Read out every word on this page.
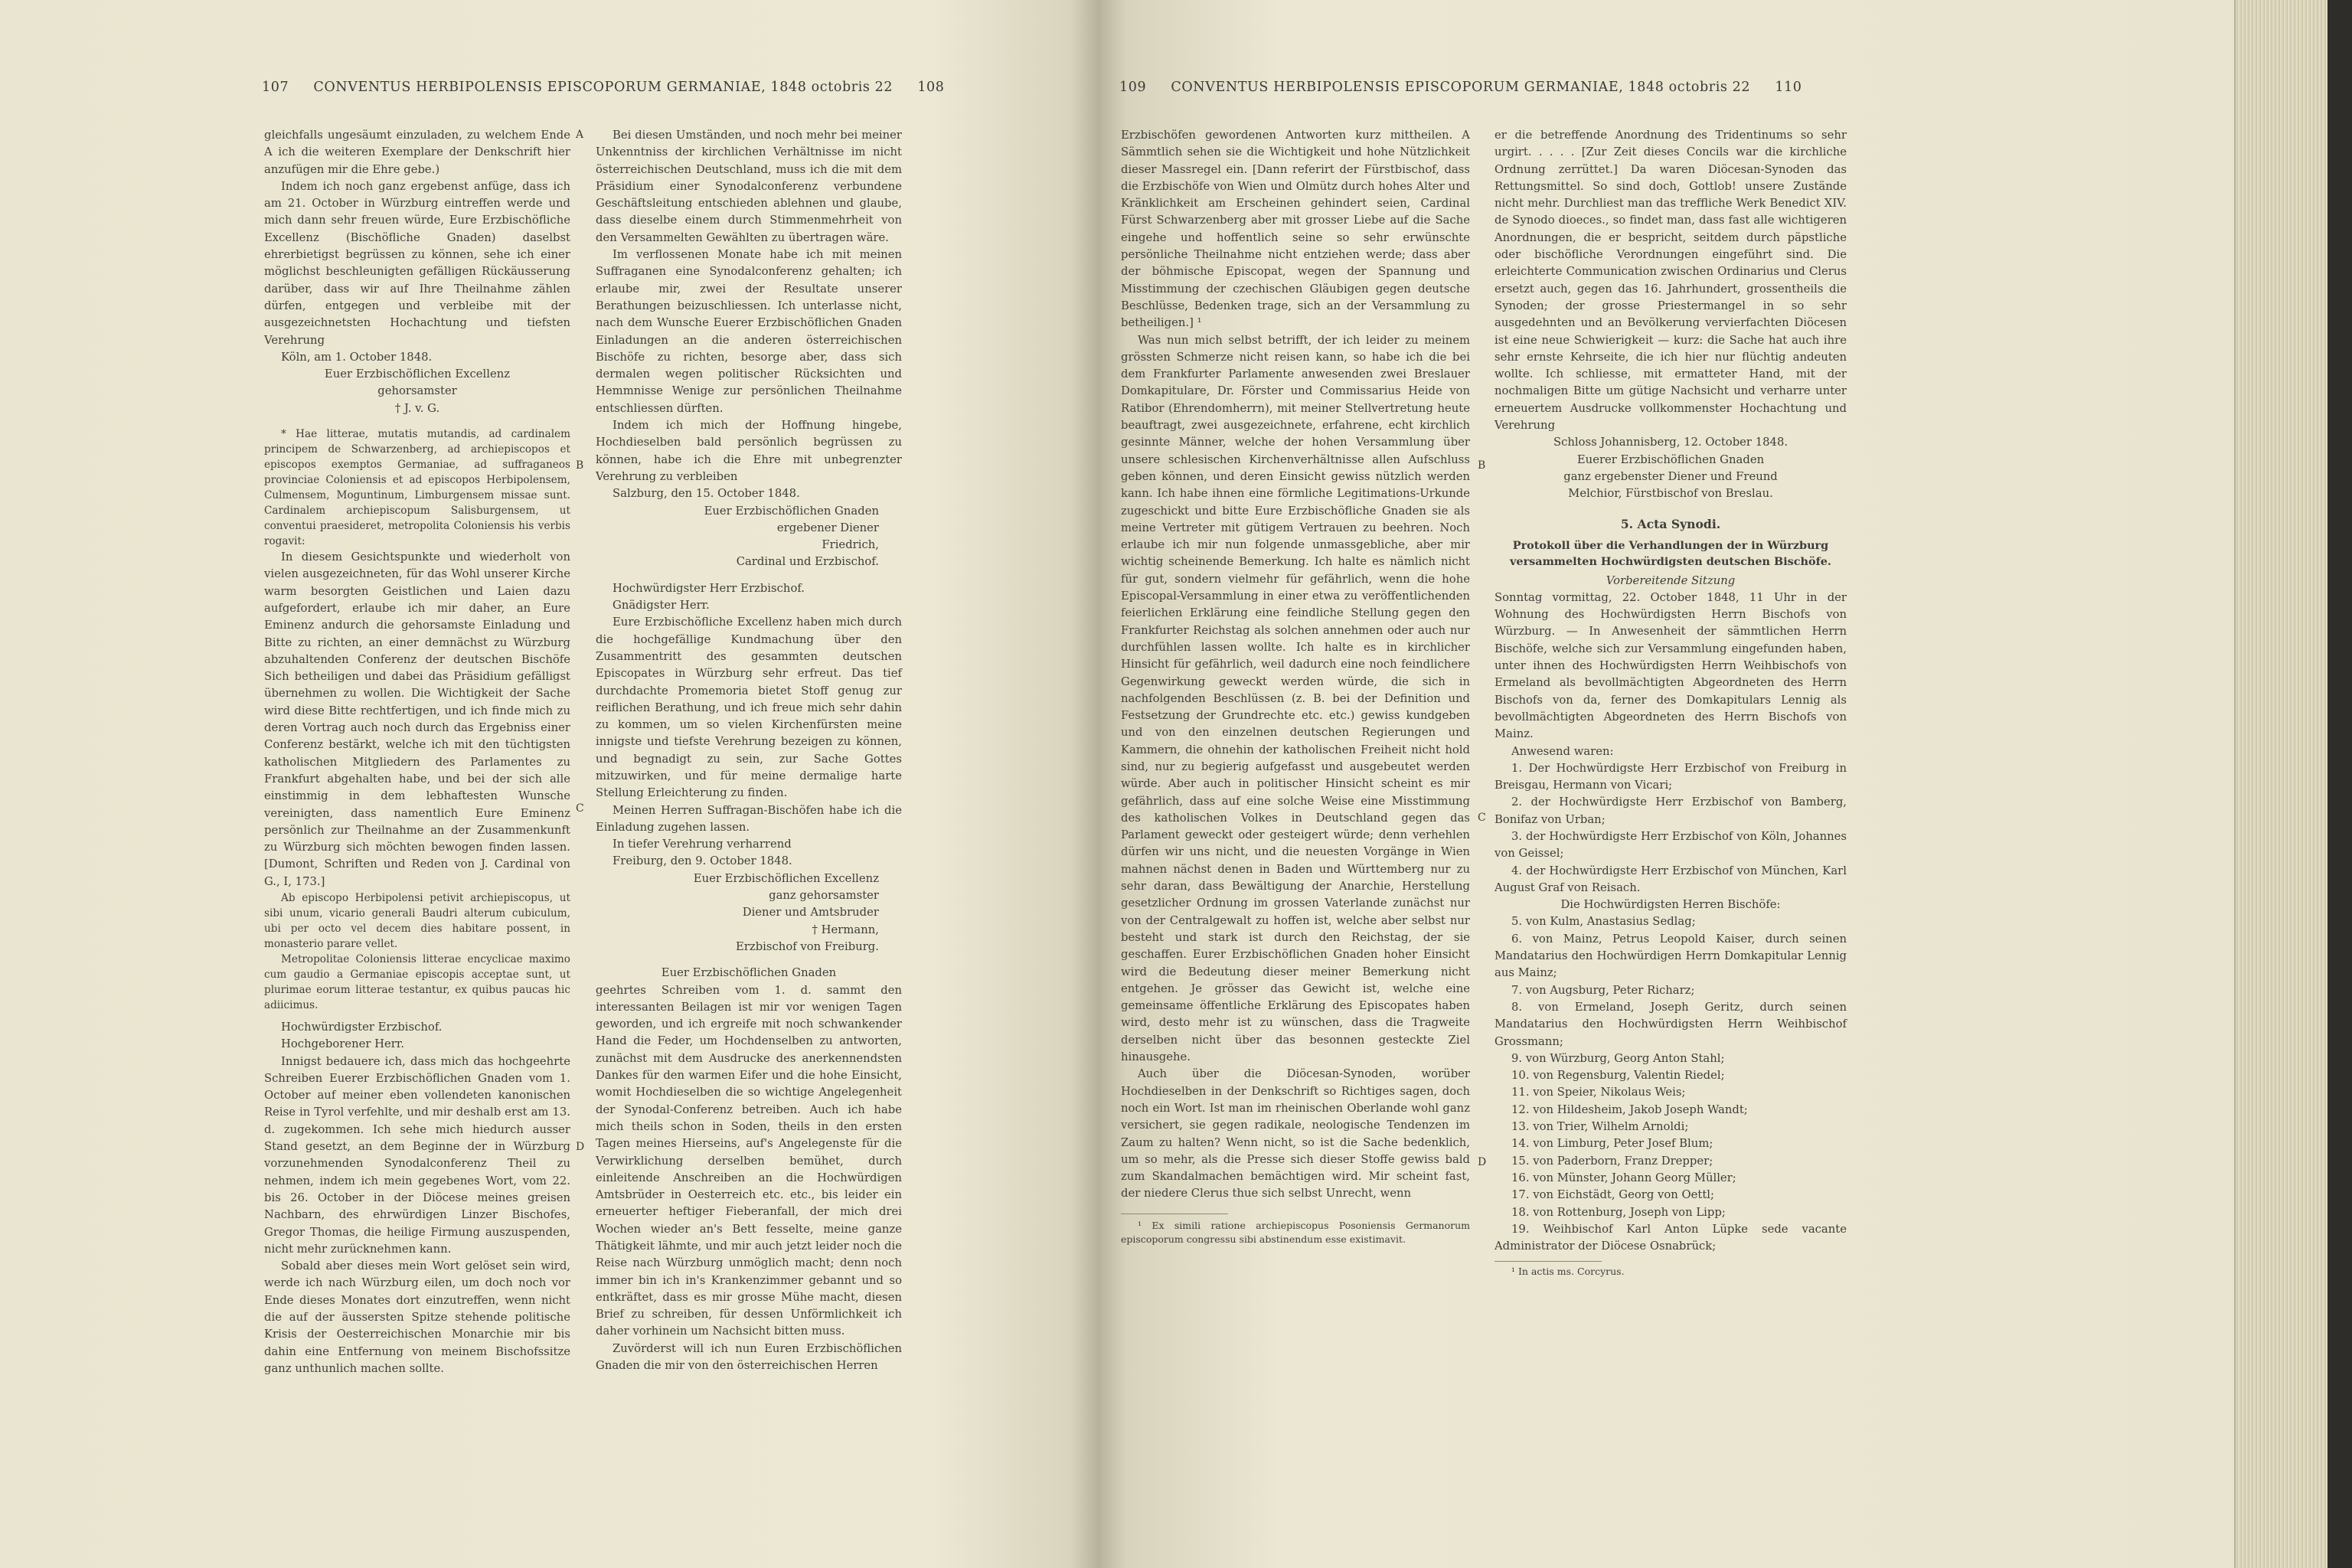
107 CONVENTUS HERBIPOLENSIS EPISCOPORUM GERMANIAE, 1848 octobris 22 108

gleichfalls ungesäumt einzuladen, zu welchem Ende A ich die weiteren Exemplare der Denkschrift hier anzufügen mir die Ehre gebe.)

Indem ich noch ganz ergebenst anfüge, dass ich am 21. October in Würzburg eintreffen werde und mich dann sehr freuen würde, Eure Erzbischöfliche Excellenz (Bischöfliche Gnaden) daselbst ehrerbietigst begrüssen zu können, sehe ich einer möglichst beschleunigten gefälligen Rückäusserung darüber, dass wir auf Ihre Theilnahme zählen dürfen, entgegen und verbleibe mit der ausgezeichnetsten Hochachtung und tiefsten Verehrung

Köln, am 1. October 1848.

Euer Erzbischöflichen Excellenz

gehorsamster

† J. v. G.

* Hae litterae, mutatis mutandis, ad cardinalem principem de Schwarzenberg, ad archiepiscopos et episcopos exemptos Germaniae, ad suffraganeos provinciae Coloniensis et ad episcopos Herbipolensem, Culmensem, Moguntinum, Limburgensem missae sunt. Cardinalem archiepiscopum Salisburgensem, ut conventui praesideret, metropolita Coloniensis his verbis rogavit:

In diesem Gesichtspunkte und wiederholt von vielen ausgezeichneten, für das Wohl unserer Kirche warm besorgten Geistlichen und Laien dazu aufgefordert, erlaube ich mir daher, an Eure Eminenz andurch die gehorsamste Einladung und Bitte zu richten, an einer demnächst zu Würzburg abzuhaltenden Conferenz der deutschen Bischöfe Sich betheiligen und dabei das Präsidium gefälligst übernehmen zu wollen. Die Wichtigkeit der Sache wird diese Bitte rechtfertigen, und ich finde mich zu deren Vortrag auch noch durch das Ergebniss einer Conferenz bestärkt, welche ich mit den tüchtigsten katholischen Mitgliedern des Parlamentes zu Frankfurt abgehalten habe, und bei der sich alle einstimmig in dem lebhaftesten Wunsche vereinigten, dass namentlich Eure Eminenz persönlich zur Theilnahme an der Zusammenkunft zu Würzburg sich möchten bewogen finden lassen. [Dumont, Schriften und Reden von J. Cardinal von G., I, 173.]

Ab episcopo Herbipolensi petivit archiepiscopus, ut sibi unum, vicario generali Baudri alterum cubiculum, ubi per octo vel decem dies habitare possent, in monasterio parare vellet.

Metropolitae Coloniensis litterae encyclicae maximo cum gaudio a Germaniae episcopis acceptae sunt, ut plurimae eorum litterae testantur, ex quibus paucas hic adiicimus.

Hochwürdigster Erzbischof.

Hochgeborener Herr.

Innigst bedauere ich, dass mich das hochgeehrte Schreiben Euerer Erzbischöflichen Gnaden vom 1. October auf meiner eben vollendeten kanonischen Reise in Tyrol verfehlte, und mir deshalb erst am 13. d. zugekommen. Ich sehe mich hiedurch ausser Stand gesetzt, an dem Beginne der in Würzburg vorzunehmenden Synodalconferenz Theil zu nehmen, indem ich mein gegebenes Wort, vom 22. bis 26. October in der Diöcese meines greisen Nachbarn, des ehrwürdigen Linzer Bischofes, Gregor Thomas, die heilige Firmung auszuspenden, nicht mehr zurücknehmen kann.

Sobald aber dieses mein Wort gelöset sein wird, werde ich nach Würzburg eilen, um doch noch vor Ende dieses Monates dort einzutreffen, wenn nicht die auf der äussersten Spitze stehende politische Krisis der Oesterreichischen Monarchie mir bis dahin eine Entfernung von meinem Bischofssitze ganz unthunlich machen sollte.

A
B
C
D

Bei diesen Umständen, und noch mehr bei meiner Unkenntniss der kirchlichen Verhältnisse im nicht österreichischen Deutschland, muss ich die mit dem Präsidium einer Synodalconferenz verbundene Geschäftsleitung entschieden ablehnen und glaube, dass dieselbe einem durch Stimmenmehrheit von den Versammelten Gewählten zu übertragen wäre.

Im verflossenen Monate habe ich mit meinen Suffraganen eine Synodalconferenz gehalten; ich erlaube mir, zwei der Resultate unserer Berathungen beizuschliessen. Ich unterlasse nicht, nach dem Wunsche Euerer Erzbischöflichen Gnaden Einladungen an die anderen österreichischen Bischöfe zu richten, besorge aber, dass sich dermalen wegen politischer Rücksichten und Hemmnisse Wenige zur persönlichen Theilnahme entschliessen dürften.

Indem ich mich der Hoffnung hingebe, Hochdieselben bald persönlich begrüssen zu können, habe ich die Ehre mit unbegrenzter Verehrung zu verbleiben

Salzburg, den 15. October 1848.

Euer Erzbischöflichen Gnaden

ergebener Diener

Friedrich,

Cardinal und Erzbischof.

Hochwürdigster Herr Erzbischof.

Gnädigster Herr.

Eure Erzbischöfliche Excellenz haben mich durch die hochgefällige Kundmachung über den Zusammentritt des gesammten deutschen Episcopates in Würzburg sehr erfreut. Das tief durchdachte Promemoria bietet Stoff genug zur reiflichen Berathung, und ich freue mich sehr dahin zu kommen, um so vielen Kirchenfürsten meine innigste und tiefste Verehrung bezeigen zu können, und begnadigt zu sein, zur Sache Gottes mitzuwirken, und für meine dermalige harte Stellung Erleichterung zu finden.

Meinen Herren Suffragan-Bischöfen habe ich die Einladung zugehen lassen.

In tiefer Verehrung verharrend

Freiburg, den 9. October 1848.

Euer Erzbischöflichen Excellenz

ganz gehorsamster

Diener und Amtsbruder

† Hermann,

Erzbischof von Freiburg.

Euer Erzbischöflichen Gnaden

geehrtes Schreiben vom 1. d. sammt den interessanten Beilagen ist mir vor wenigen Tagen geworden, und ich ergreife mit noch schwankender Hand die Feder, um Hochdenselben zu antworten, zunächst mit dem Ausdrucke des anerkennendsten Dankes für den warmen Eifer und die hohe Einsicht, womit Hochdieselben die so wichtige Angelegenheit der Synodal-Conferenz betreiben. Auch ich habe mich theils schon in Soden, theils in den ersten Tagen meines Hierseins, auf's Angelegenste für die Verwirklichung derselben bemühet, durch einleitende Anschreiben an die Hochwürdigen Amtsbrüder in Oesterreich etc. etc., bis leider ein erneuerter heftiger Fieberanfall, der mich drei Wochen wieder an's Bett fesselte, meine ganze Thätigkeit lähmte, und mir auch jetzt leider noch die Reise nach Würzburg unmöglich macht; denn noch immer bin ich in's Krankenzimmer gebannt und so entkräftet, dass es mir grosse Mühe macht, diesen Brief zu schreiben, für dessen Unförmlichkeit ich daher vorhinein um Nachsicht bitten muss.

Zuvörderst will ich nun Euren Erzbischöflichen Gnaden die mir von den österreichischen Herren

109 CONVENTUS HERBIPOLENSIS EPISCOPORUM GERMANIAE, 1848 octobris 22 110

Erzbischöfen gewordenen Antworten kurz mittheilen. A Sämmtlich sehen sie die Wichtigkeit und hohe Nützlichkeit dieser Massregel ein. [Dann referirt der Fürstbischof, dass die Erzbischöfe von Wien und Olmütz durch hohes Alter und Kränklichkeit am Erscheinen gehindert seien, Cardinal Fürst Schwarzenberg aber mit grosser Liebe auf die Sache eingehe und hoffentlich seine so sehr erwünschte persönliche Theilnahme nicht entziehen werde; dass aber der böhmische Episcopat, wegen der Spannung und Misstimmung der czechischen Gläubigen gegen deutsche Beschlüsse, Bedenken trage, sich an der Versammlung zu betheiligen.] ¹

Was nun mich selbst betrifft, der ich leider zu meinem grössten Schmerze nicht reisen kann, so habe ich die bei dem Frankfurter Parlamente anwesenden zwei Breslauer Domkapitulare, Dr. Förster und Commissarius Heide von Ratibor (Ehrendomherrn), mit meiner Stellvertretung heute beauftragt, zwei ausgezeichnete, erfahrene, echt kirchlich gesinnte Männer, welche der hohen Versammlung über unsere schlesischen Kirchenverhältnisse allen Aufschluss geben können, und deren Einsicht gewiss nützlich werden kann. Ich habe ihnen eine förmliche Legitimations-Urkunde zugeschickt und bitte Eure Erzbischöfliche Gnaden sie als meine Vertreter mit gütigem Vertrauen zu beehren. Noch erlaube ich mir nun folgende unmassgebliche, aber mir wichtig scheinende Bemerkung. Ich halte es nämlich nicht für gut, sondern vielmehr für gefährlich, wenn die hohe Episcopal-Versammlung in einer etwa zu veröffentlichenden feierlichen Erklärung eine feindliche Stellung gegen den Frankfurter Reichstag als solchen annehmen oder auch nur durchfühlen lassen wollte. Ich halte es in kirchlicher Hinsicht für gefährlich, weil dadurch eine noch feindlichere Gegenwirkung geweckt werden würde, die sich in nachfolgenden Beschlüssen (z. B. bei der Definition und Festsetzung der Grundrechte etc. etc.) gewiss kundgeben und von den einzelnen deutschen Regierungen und Kammern, die ohnehin der katholischen Freiheit nicht hold sind, nur zu begierig aufgefasst und ausgebeutet werden würde. Aber auch in politischer Hinsicht scheint es mir gefährlich, dass auf eine solche Weise eine Misstimmung des katholischen Volkes in Deutschland gegen das Parlament geweckt oder gesteigert würde; denn verhehlen dürfen wir uns nicht, und die neuesten Vorgänge in Wien mahnen nächst denen in Baden und Württemberg nur zu sehr daran, dass Bewältigung der Anarchie, Herstellung gesetzlicher Ordnung im grossen Vaterlande zunächst nur von der Centralgewalt zu hoffen ist, welche aber selbst nur besteht und stark ist durch den Reichstag, der sie geschaffen. Eurer Erzbischöflichen Gnaden hoher Einsicht wird die Bedeutung dieser meiner Bemerkung nicht entgehen. Je grösser das Gewicht ist, welche eine gemeinsame öffentliche Erklärung des Episcopates haben wird, desto mehr ist zu wünschen, dass die Tragweite derselben nicht über das besonnen gesteckte Ziel hinausgehe.

Auch über die Diöcesan-Synoden, worüber Hochdieselben in der Denkschrift so Richtiges sagen, doch noch ein Wort. Ist man im rheinischen Oberlande wohl ganz versichert, sie gegen radikale, neologische Tendenzen im Zaum zu halten? Wenn nicht, so ist die Sache bedenklich, um so mehr, als die Presse sich dieser Stoffe gewiss bald zum Skandalmachen bemächtigen wird. Mir scheint fast, der niedere Clerus thue sich selbst Unrecht, wenn

¹ Ex simili ratione archiepiscopus Posoniensis Germanorum episcoporum congressu sibi abstinendum esse existimavit.

B
C
D

er die betreffende Anordnung des Tridentinums so sehr urgirt. . . . . [Zur Zeit dieses Concils war die kirchliche Ordnung zerrüttet.] Da waren Diöcesan-Synoden das Rettungsmittel. So sind doch, Gottlob! unsere Zustände nicht mehr. Durchliest man das treffliche Werk Benedict XIV. de Synodo dioeces., so findet man, dass fast alle wichtigeren Anordnungen, die er bespricht, seitdem durch päpstliche oder bischöfliche Verordnungen eingeführt sind. Die erleichterte Communication zwischen Ordinarius und Clerus ersetzt auch, gegen das 16. Jahrhundert, grossentheils die Synoden; der grosse Priestermangel in so sehr ausgedehnten und an Bevölkerung vervierfachten Diöcesen ist eine neue Schwierigkeit — kurz: die Sache hat auch ihre sehr ernste Kehrseite, die ich hier nur flüchtig andeuten wollte. Ich schliesse, mit ermatteter Hand, mit der nochmaligen Bitte um gütige Nachsicht und verharre unter erneuertem Ausdrucke vollkommenster Hochachtung und Verehrung

Schloss Johannisberg, 12. October 1848.

Euerer Erzbischöflichen Gnaden

ganz ergebenster Diener und Freund

Melchior, Fürstbischof von Breslau.

5. Acta Synodi.

Protokoll über die Verhandlungen der in Würzburg versammelten Hochwürdigsten deutschen Bischöfe.

Vorbereitende Sitzung

Sonntag vormittag, 22. October 1848, 11 Uhr in der Wohnung des Hochwürdigsten Herrn Bischofs von Würzburg. — In Anwesenheit der sämmtlichen Herrn Bischöfe, welche sich zur Versammlung eingefunden haben, unter ihnen des Hochwürdigsten Herrn Weihbischofs von Ermeland als bevollmächtigten Abgeordneten des Herrn Bischofs von da, ferner des Domkapitulars Lennig als bevollmächtigten Abgeordneten des Herrn Bischofs von Mainz.

Anwesend waren:

1. Der Hochwürdigste Herr Erzbischof von Freiburg in Breisgau, Hermann von Vicari;

2. der Hochwürdigste Herr Erzbischof von Bamberg, Bonifaz von Urban;

3. der Hochwürdigste Herr Erzbischof von Köln, Johannes von Geissel;

4. der Hochwürdigste Herr Erzbischof von München, Karl August Graf von Reisach.

Die Hochwürdigsten Herren Bischöfe:

5. von Kulm, Anastasius Sedlag;

6. von Mainz, Petrus Leopold Kaiser, durch seinen Mandatarius den Hochwürdigen Herrn Domkapitular Lennig aus Mainz;

7. von Augsburg, Peter Richarz;

8. von Ermeland, Joseph Geritz, durch seinen Mandatarius den Hochwürdigsten Herrn Weihbischof Grossmann;

9. von Würzburg, Georg Anton Stahl;

10. von Regensburg, Valentin Riedel;

11. von Speier, Nikolaus Weis;

12. von Hildesheim, Jakob Joseph Wandt;

13. von Trier, Wilhelm Arnoldi;

14. von Limburg, Peter Josef Blum;

15. von Paderborn, Franz Drepper;

16. von Münster, Johann Georg Müller;

17. von Eichstädt, Georg von Oettl;

18. von Rottenburg, Joseph von Lipp;

19. Weihbischof Karl Anton Lüpke sede vacante Administrator der Diöcese Osnabrück;

¹ In actis ms. Corcyrus.
